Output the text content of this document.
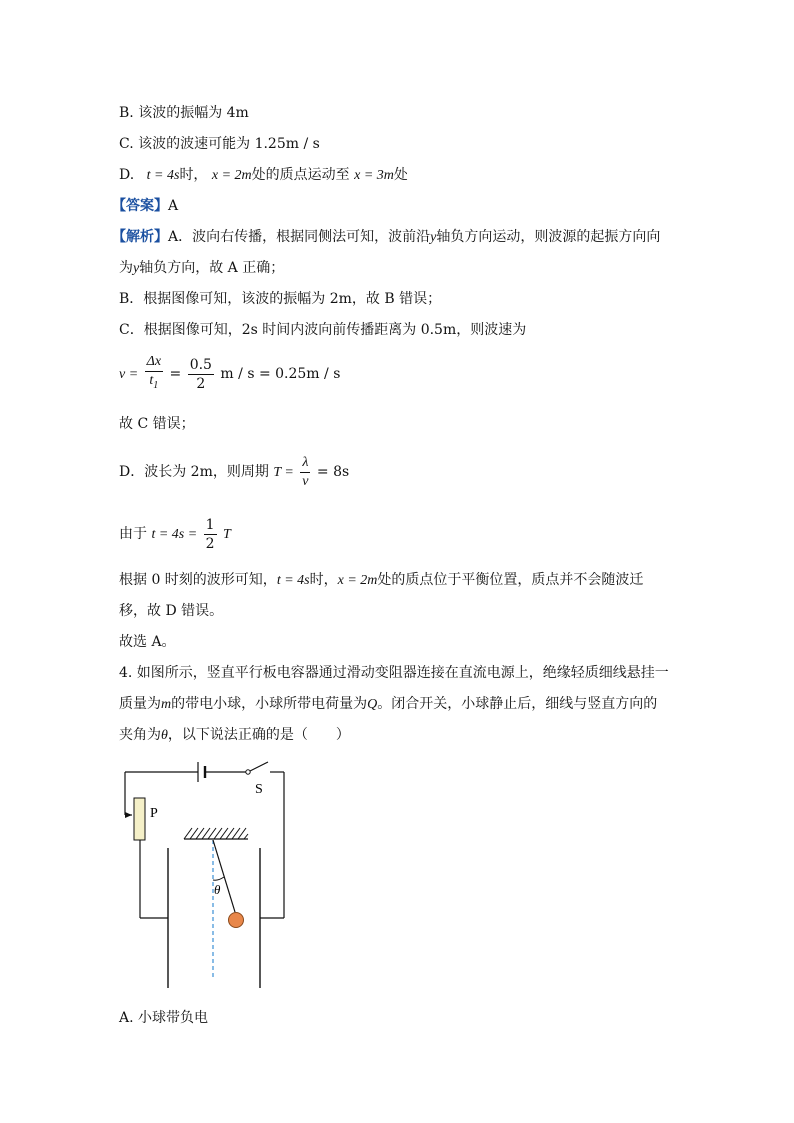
B. 该波的振幅为 4m
C. 该波的波速可能为 1.25m / s
D. t = 4s时， x = 2m处的质点运动至 x = 3m处
【答案】A
【解析】A．波向右传播，根据同侧法可知，波前沿y轴负方向运动，则波源的起振方向向
为y轴负方向，故 A 正确；
B．根据图像可知，该波的振幅为 2m，故 B 错误；
C．根据图像可知，2s 时间内波向前传播距离为 0.5m，则波速为
$v = \frac{\Delta x}{t_1} = \frac{0.5}{2}$ m / s = 0.25m / s
故 C 错误；
D．波长为 2m，则周期 $T = \frac{\lambda}{v} = 8s$
由于 $t = 4s = \frac{1}{2}$ T
根据 0 时刻的波形可知，t = 4s时，x = 2m处的质点位于平衡位置，质点并不会随波迁
移，故 D 错误。
故选 A。
4. 如图所示，竖直平行板电容器通过滑动变阻器连接在直流电源上，绝缘轻质细线悬挂一
质量为m的带电小球，小球所带电荷量为Q。闭合开关，小球静止后，细线与竖直方向的
夹角为θ，以下说法正确的是（　　）
S
P
θ
A. 小球带负电
